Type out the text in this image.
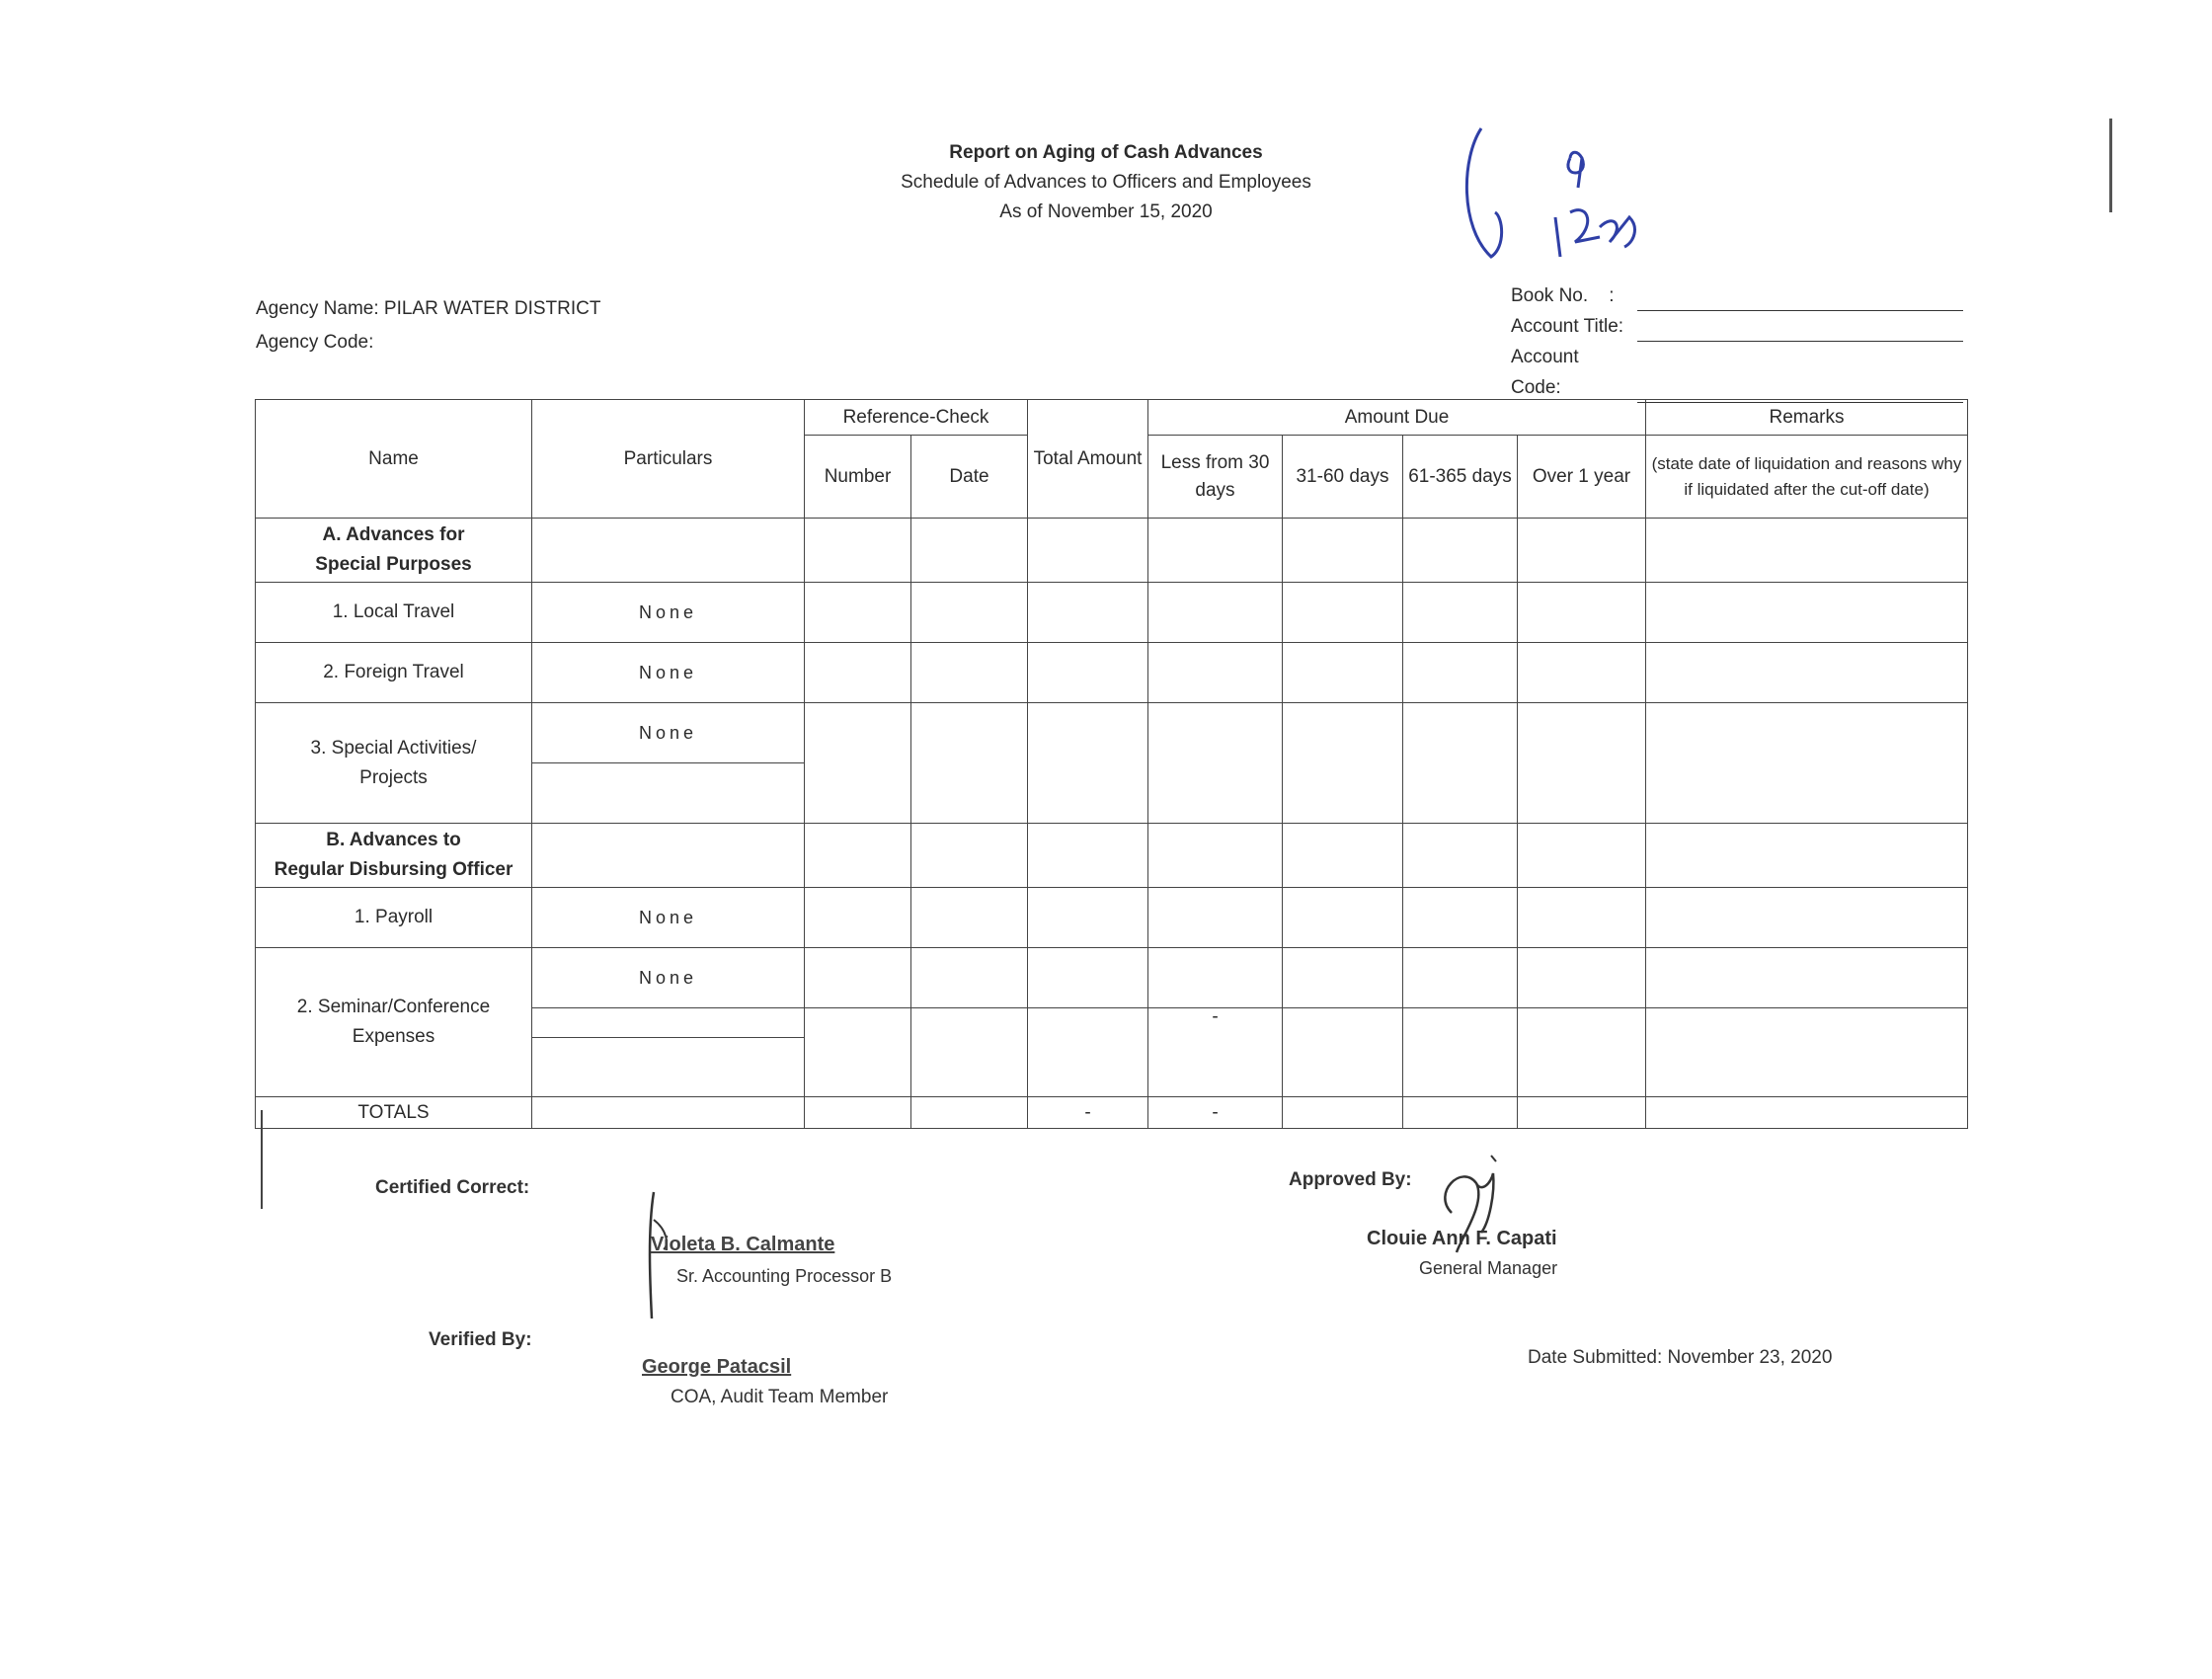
Report on Aging of Cash Advances
Schedule of Advances to Officers and Employees
As of November 15, 2020
9/ 17/20
Agency Name: PILAR WATER DISTRICT
Agency Code:
Book No. :
Account Title:
Account Code:
Name	Particulars	Reference-Check		Total Amount	Amount Due				Remarks
		Number	Date		Less from 30 days	31-60 days	61-365 days	Over 1 year	(state date of liquidation and reasons why if liquidated after the cut-off date)
A. Advances for
Special Purposes									
1. Local Travel	None								
2. Foreign Travel	None								
3. Special Activities/
Projects	None								

B. Advances to
Regular Disbursing Officer									
1. Payroll	None								
2. Seminar/Conference
Expenses	None								
					-				

TOTALS				-	-				
Certified Correct:
Violeta B. Calmante
Sr. Accounting Processor B
Approved By:
Clouie Ann F. Capati
General Manager
Verified By:
George Patacsil
COA, Audit Team Member
Date Submitted: November 23, 2020
